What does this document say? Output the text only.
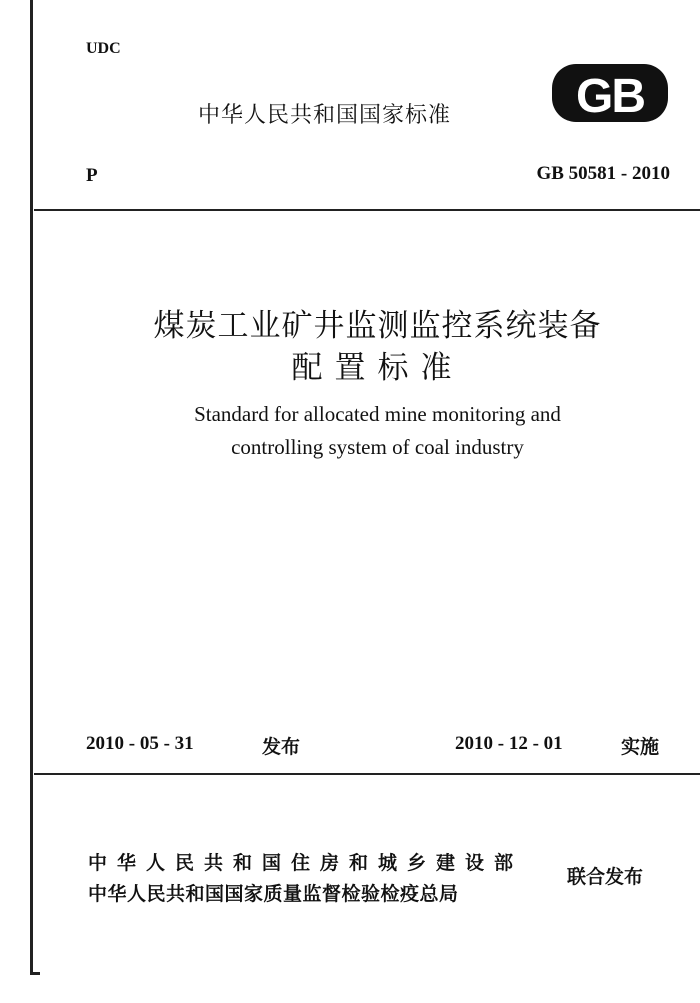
UDC
中华人民共和国国家标准	GB
P	GB 50581 - 2010
煤炭工业矿井监测监控系统装备
配置标准
Standard for allocated mine monitoring and
controlling system of coal industry
2010 - 05 - 31	发布	2010 - 12 - 01	实施
中华人民共和国住房和城乡建设部
中华人民共和国国家质量监督检验检疫总局
联合发布
